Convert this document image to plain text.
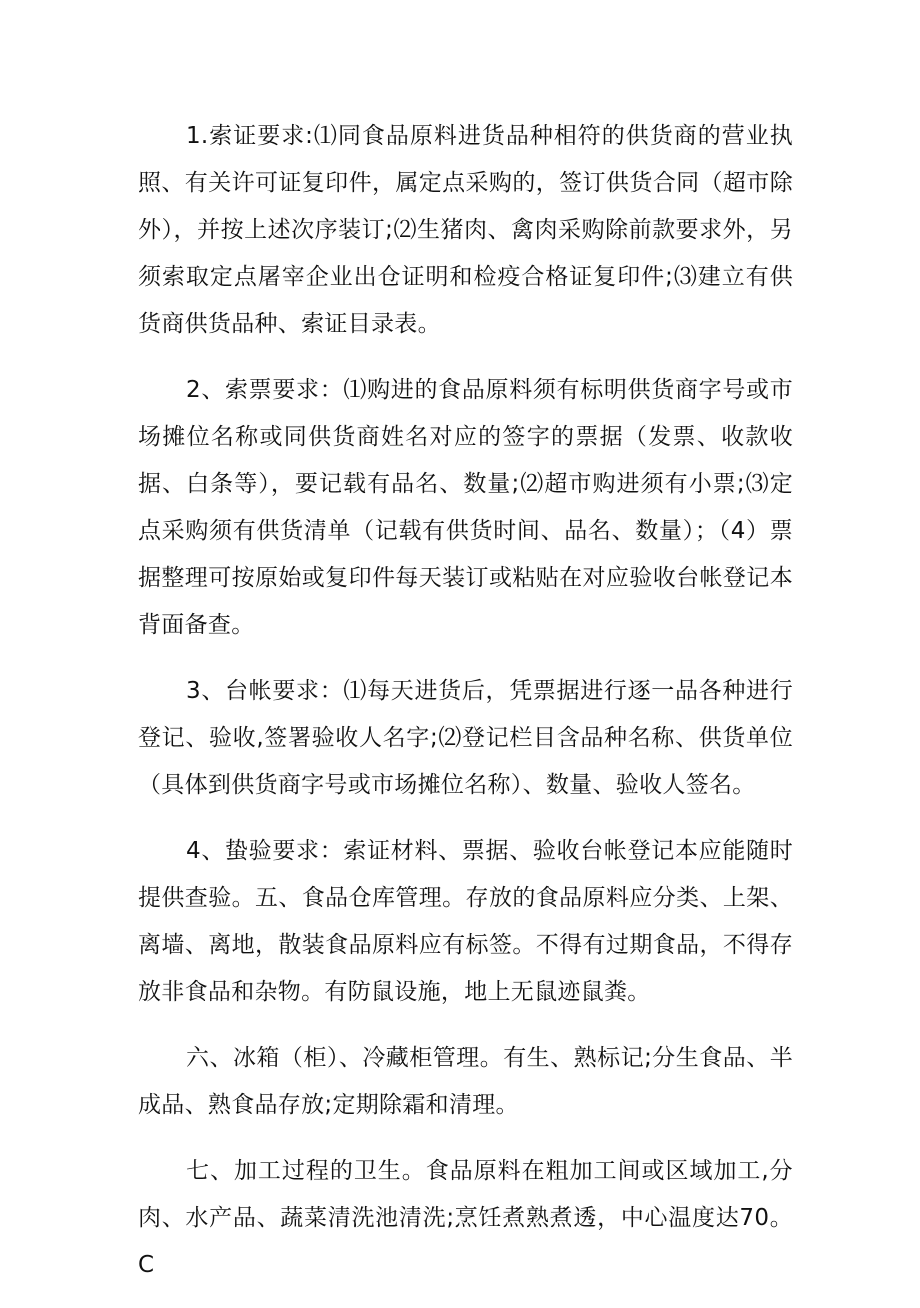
1.索证要求:⑴同食品原料进货品种相符的供货商的营业执照、有关许可证复印件，属定点采购的，签订供货合同（超市除外），并按上述次序装订;⑵生猪肉、禽肉采购除前款要求外，另须索取定点屠宰企业出仓证明和检疫合格证复印件;⑶建立有供货商供货品种、索证目录表。

2、索票要求：⑴购进的食品原料须有标明供货商字号或市场摊位名称或同供货商姓名对应的签字的票据（发票、收款收据、白条等），要记载有品名、数量;⑵超市购进须有小票;⑶定点采购须有供货清单（记载有供货时间、品名、数量）；（4）票据整理可按原始或复印件每天装订或粘贴在对应验收台帐登记本背面备查。

3、台帐要求：⑴每天进货后，凭票据进行逐一品各种进行登记、验收,签署验收人名字;⑵登记栏目含品种名称、供货单位（具体到供货商字号或市场摊位名称）、数量、验收人签名。

4、蛰验要求：索证材料、票据、验收台帐登记本应能随时提供查验。五、食品仓库管理。存放的食品原料应分类、上架、离墙、离地，散装食品原料应有标签。不得有过期食品，不得存放非食品和杂物。有防鼠设施，地上无鼠迹鼠粪。

六、冰箱（柜）、冷藏柜管理。有生、熟标记;分生食品、半成品、熟食品存放;定期除霜和清理。

七、加工过程的卫生。食品原料在粗加工间或区域加工,分肉、水产品、蔬菜清洗池清洗;烹饪煮熟煮透，中心温度达70。C
